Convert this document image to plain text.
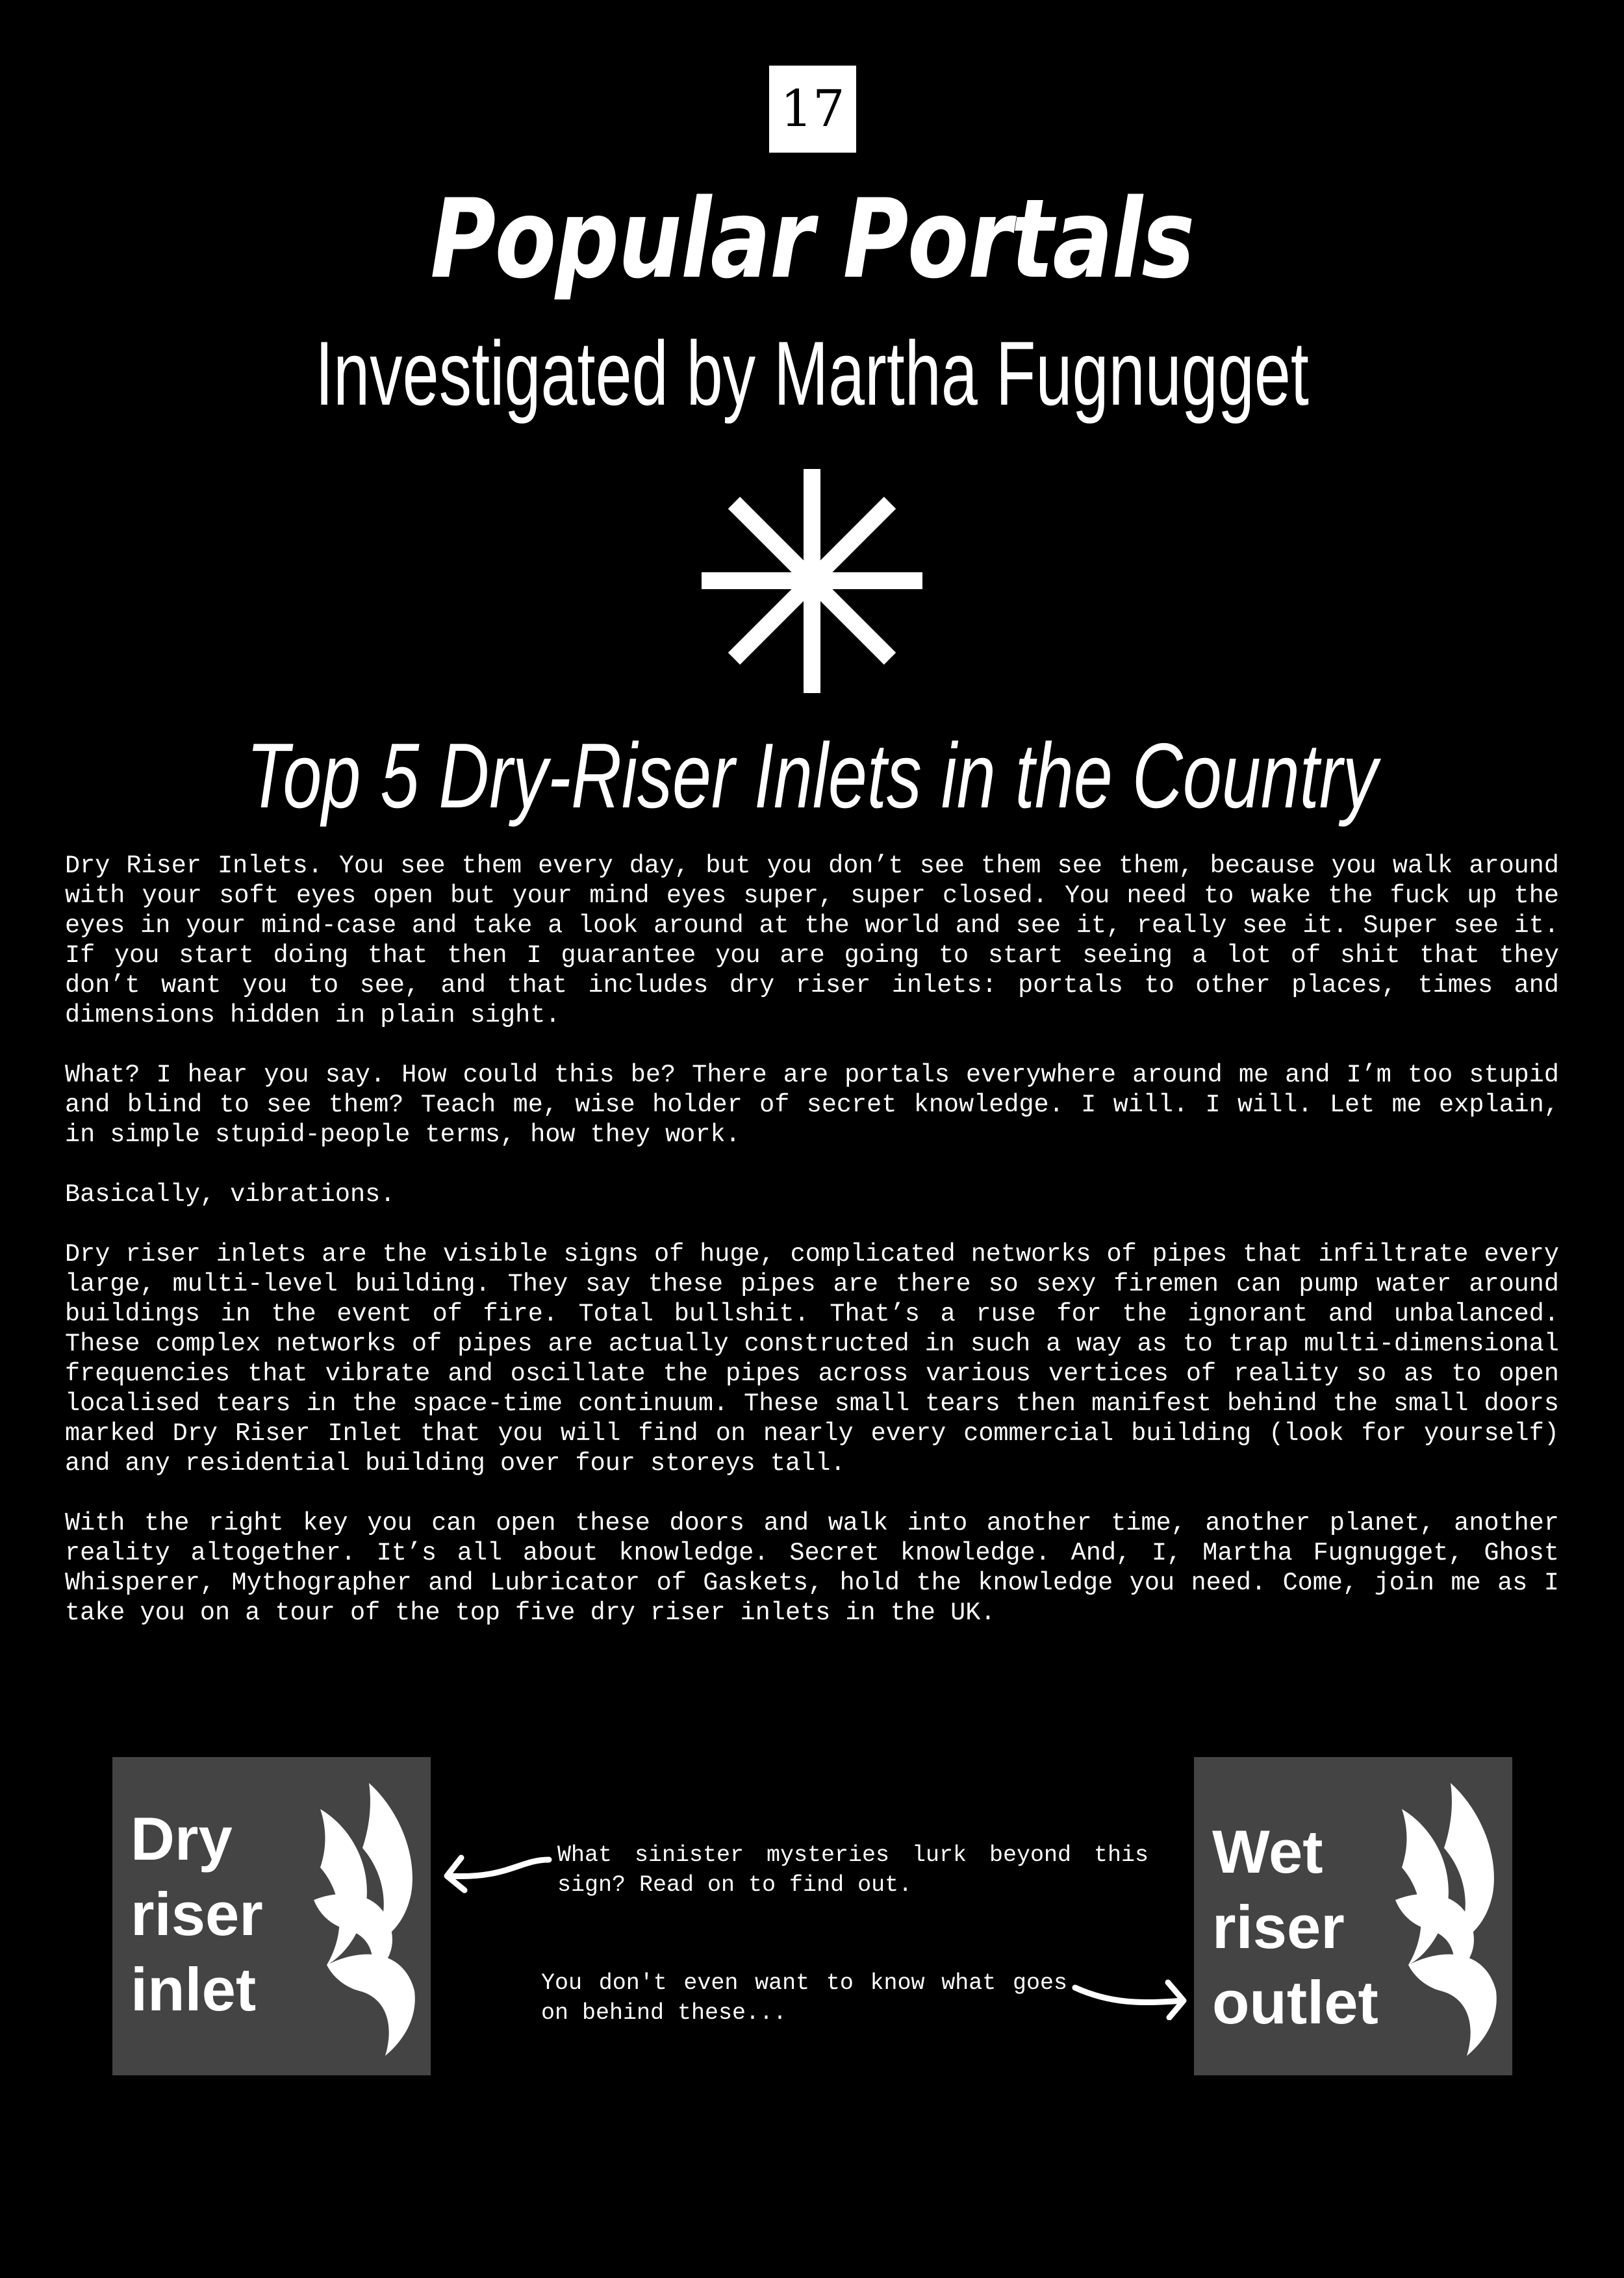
17
Popular Portals
Investigated by Martha Fugnugget
Top 5 Dry-Riser Inlets in the Country

Dry Riser Inlets. You see them every day, but you don’t see them see them, because you walk around with your soft eyes open but your mind eyes super, super closed. You need to wake the fuck up the eyes in your mind-case and take a look around at the world and see it, really see it. Super see it. If you start doing that then I guarantee you are going to start seeing a lot of shit that they don’t want you to see, and that includes dry riser inlets: portals to other places, times and dimensions hidden in plain sight.

What? I hear you say. How could this be? There are portals everywhere around me and I’m too stupid and blind to see them? Teach me, wise holder of secret knowledge. I will. I will. Let me explain, in simple stupid-people terms, how they work.

Basically, vibrations.

Dry riser inlets are the visible signs of huge, complicated networks of pipes that infiltrate every large, multi-level building. They say these pipes are there so sexy firemen can pump water around buildings in the event of fire. Total bullshit. That’s a ruse for the ignorant and unbalanced. These complex networks of pipes are actually constructed in such a way as to trap multi-dimensional frequencies that vibrate and oscillate the pipes across various vertices of reality so as to open localised tears in the space-time continuum. These small tears then manifest behind the small doors marked Dry Riser Inlet that you will find on nearly every commercial building (look for yourself) and any residential building over four storeys tall.

With the right key you can open these doors and walk into another time, another planet, another reality altogether. It’s all about knowledge. Secret knowledge. And, I, Martha Fugnugget, Ghost Whisperer, Mythographer and Lubricator of Gaskets, hold the knowledge you need. Come, join me as I take you on a tour of the top five dry riser inlets in the UK.

Dry
riser
inlet
Wet
riser
outlet
What sinister mysteries lurk beyond this sign? Read on to find out.
You don't even want to know what goes on behind these...
